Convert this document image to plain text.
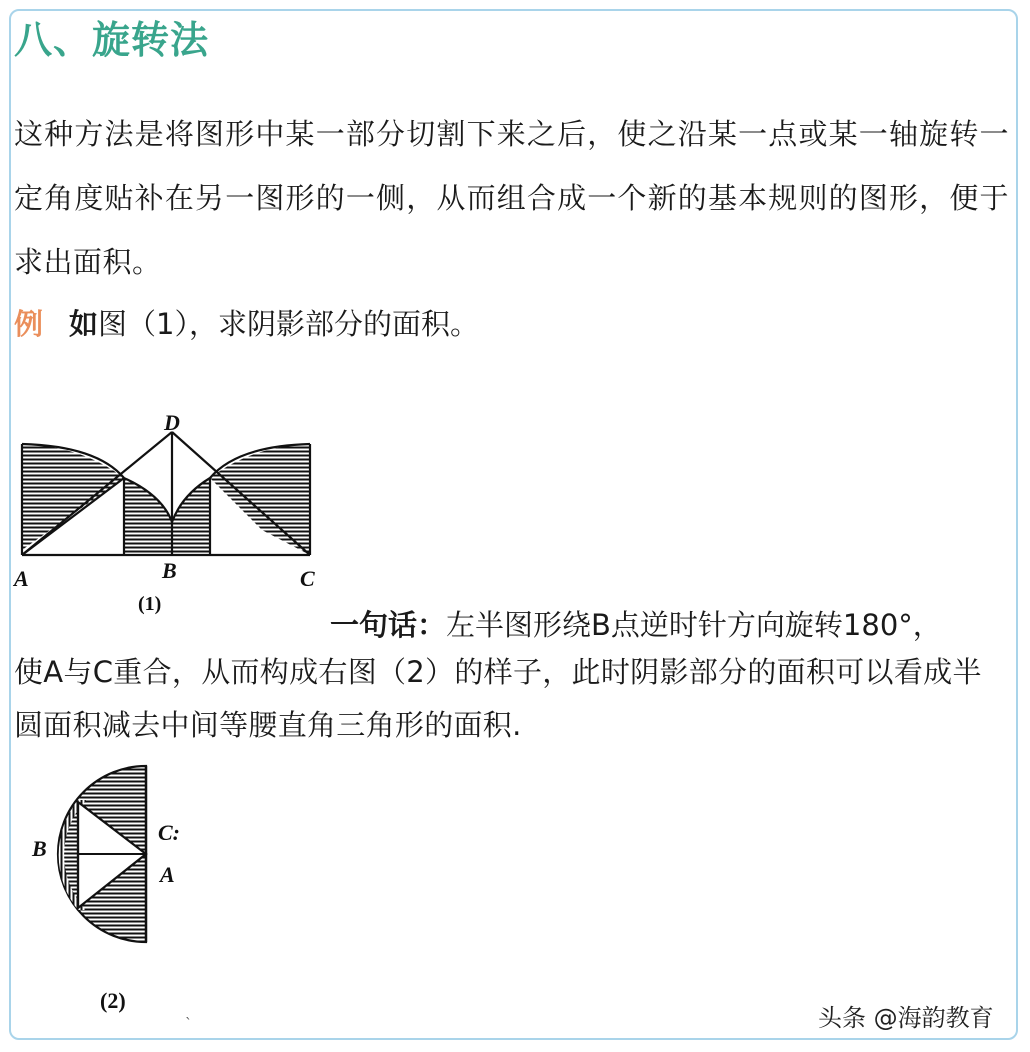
八、旋转法
这种方法是将图形中某一部分切割下来之后，使之沿某一点或某一轴旋转一定角度贴补在另一图形的一侧，从而组合成一个新的基本规则的图形，便于求出面积。
例 如图（1），求阴影部分的面积。
A	B	C
D
(1)
一句话：左半图形绕B点逆时针方向旋转180°，
使A与C重合，从而构成右图（2）的样子，此时阴影部分的面积可以看成半圆面积减去中间等腰直角三角形的面积.
B
C:
A
(2)	ˎ	头条 @海韵教育
